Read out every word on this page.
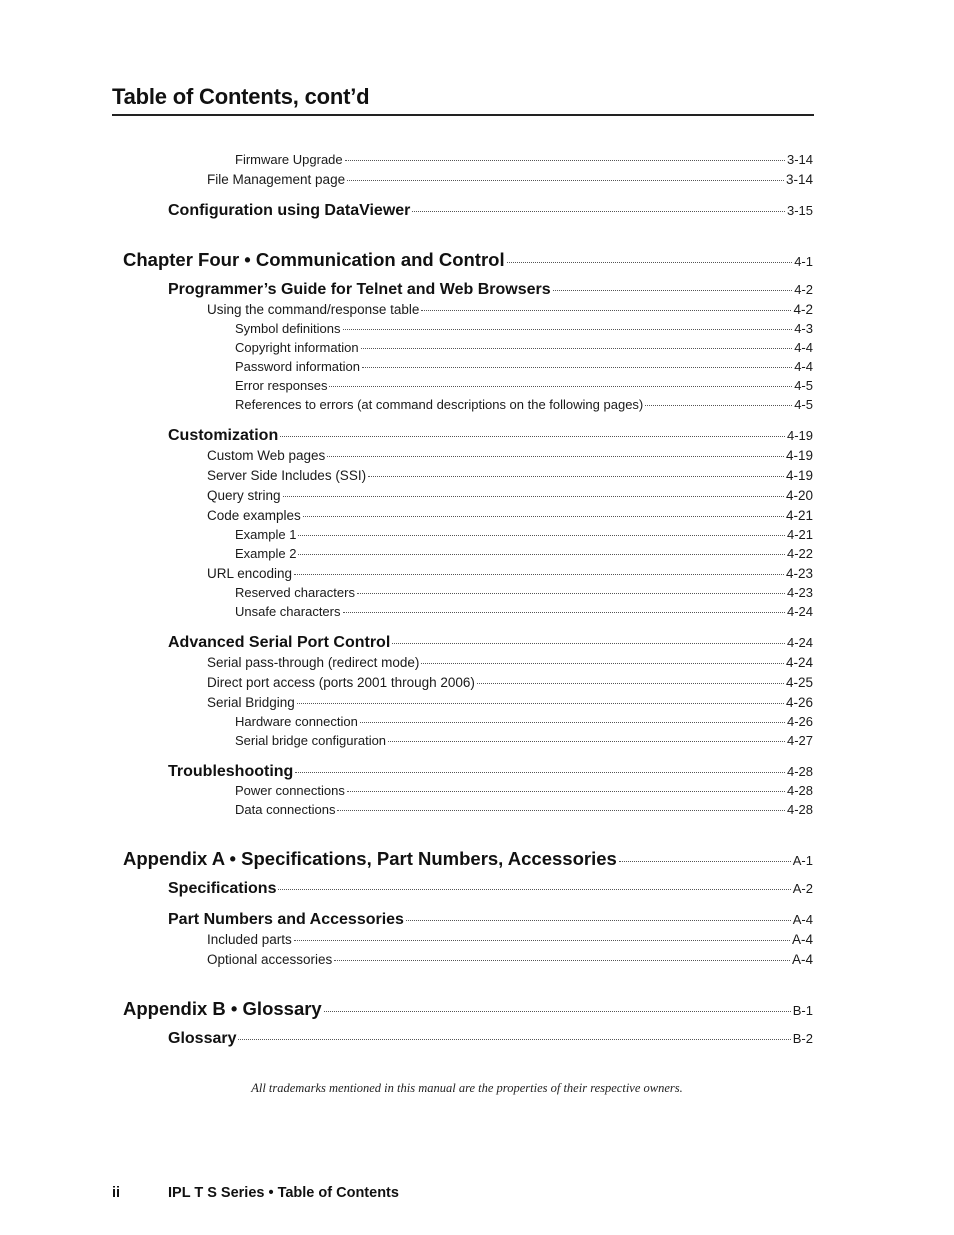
Table of Contents, cont’d
Firmware Upgrade	3-14
File Management page	3-14
Configuration using DataViewer	3-15
Chapter Four • Communication and Control	4-1
Programmer’s Guide for Telnet and Web Browsers	4-2
Using the command/response table	4-2
Symbol definitions	4-3
Copyright information	4-4
Password information	4-4
Error responses	4-5
References to errors (at command descriptions on the following pages)	4-5
Customization	4-19
Custom Web pages	4-19
Server Side Includes (SSI)	4-19
Query string	4-20
Code examples	4-21
Example 1	4-21
Example 2	4-22
URL encoding	4-23
Reserved characters	4-23
Unsafe characters	4-24
Advanced Serial Port Control	4-24
Serial pass-through (redirect mode)	4-24
Direct port access (ports 2001 through 2006)	4-25
Serial Bridging	4-26
Hardware connection	4-26
Serial bridge configuration	4-27
Troubleshooting	4-28
Power connections	4-28
Data connections	4-28
Appendix A • Specifications, Part Numbers, Accessories	A-1
Specifications	A-2
Part Numbers and Accessories	A-4
Included parts	A-4
Optional accessories	A-4
Appendix B • Glossary	B-1
Glossary	B-2
All trademarks mentioned in this manual are the properties of their respective owners.
ii	IPL T S Series • Table of Contents
